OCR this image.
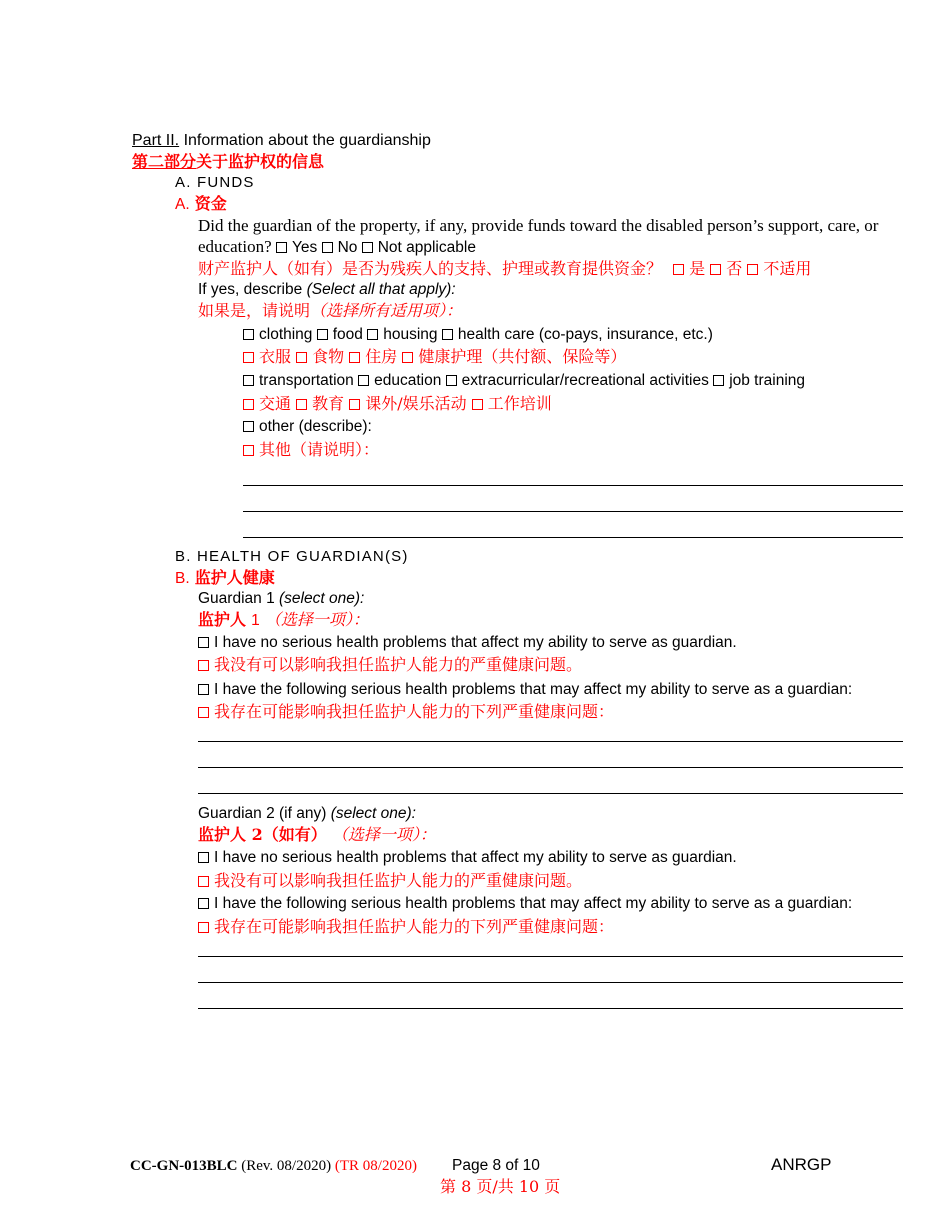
Part II. Information about the guardianship
第二部分关于监护权的信息
A. FUNDS
A. 资金
Did the guardian of the property, if any, provide funds toward the disabled person’s support, care, or
education? Yes No Not applicable
财产监护人（如有）是否为残疾人的支持、护理或教育提供资金？ 是 否 不适用
If yes, describe (Select all that apply):
如果是，请说明（选择所有适用项）：
clothing food housing health care (co-pays, insurance, etc.)
衣服 食物 住房 健康护理（共付额、保险等）
transportation education extracurricular/recreational activities job training
交通 教育 课外/娱乐活动 工作培训
other (describe):
其他（请说明）：
B. HEALTH OF GUARDIAN(S)
B. 监护人健康
Guardian 1 (select one):
监护人 1 （选择一项）：
I have no serious health problems that affect my ability to serve as guardian.
我没有可以影响我担任监护人能力的严重健康问题。
I have the following serious health problems that may affect my ability to serve as a guardian:
我存在可能影响我担任监护人能力的下列严重健康问题：
Guardian 2 (if any) (select one):
监护人 2（如有） （选择一项）：
I have no serious health problems that affect my ability to serve as guardian.
我没有可以影响我担任监护人能力的严重健康问题。
I have the following serious health problems that may affect my ability to serve as a guardian:
我存在可能影响我担任监护人能力的下列严重健康问题：
CC-GN-013BLC (Rev. 08/2020) (TR 08/2020) Page 8 of 10	ANRGP
第 8 页/共 10 页
